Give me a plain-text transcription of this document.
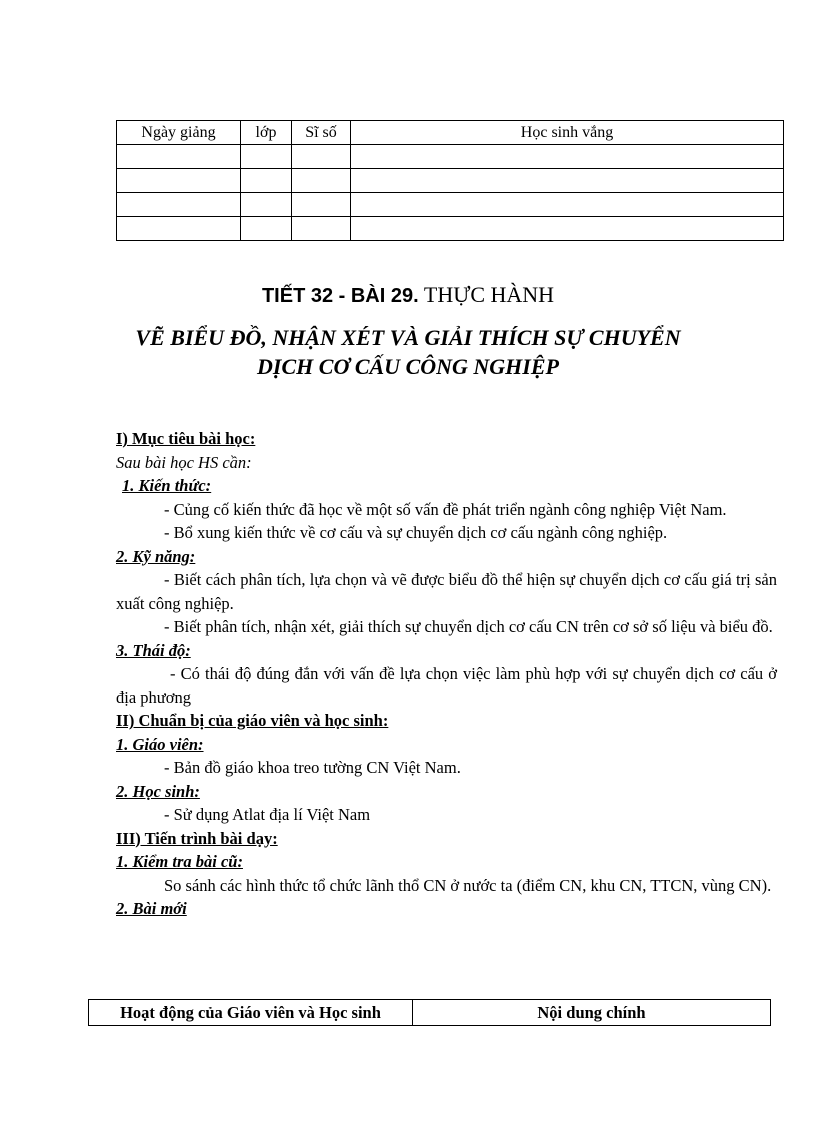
Ngày giảng	lớp	Sĩ số	Học sinh vắng

TIẾT 32 - BÀI 29. THỰC HÀNH
VẼ BIỂU ĐỒ, NHẬN XÉT VÀ GIẢI THÍCH SỰ CHUYỂN
DỊCH CƠ CẤU CÔNG NGHIỆP

I) Mục tiêu bài học:

Sau bài học HS cần:

1. Kiến thức:

- Củng cố kiến thức đã học về một số vấn đề phát triển ngành công nghiệp Việt Nam.

- Bổ xung kiến thức về cơ cấu và sự chuyển dịch cơ cấu ngành công nghiệp.

2. Kỹ năng:

- Biết cách phân tích, lựa chọn và vẽ được biểu đồ thể hiện sự chuyển dịch cơ cấu giá trị sản xuất công nghiệp.

- Biết phân tích, nhận xét, giải thích sự chuyển dịch cơ cấu CN trên cơ sở số liệu và biểu đồ.

3. Thái độ:

- Có thái độ đúng đắn với vấn đề lựa chọn việc làm phù hợp với sự chuyển dịch cơ cấu ở địa phương

II) Chuẩn bị của giáo viên và học sinh:

1. Giáo viên:

- Bản đồ giáo khoa treo tường CN Việt Nam.

2. Học sinh:

- Sử dụng Atlat địa lí Việt Nam

III) Tiến trình bài dạy:

1. Kiểm tra bài cũ:

So sánh các hình thức tổ chức lãnh thổ CN ở nước ta (điểm CN, khu CN, TTCN, vùng CN).

2. Bài mới

Hoạt động của Giáo viên và Học sinh	Nội dung chính
